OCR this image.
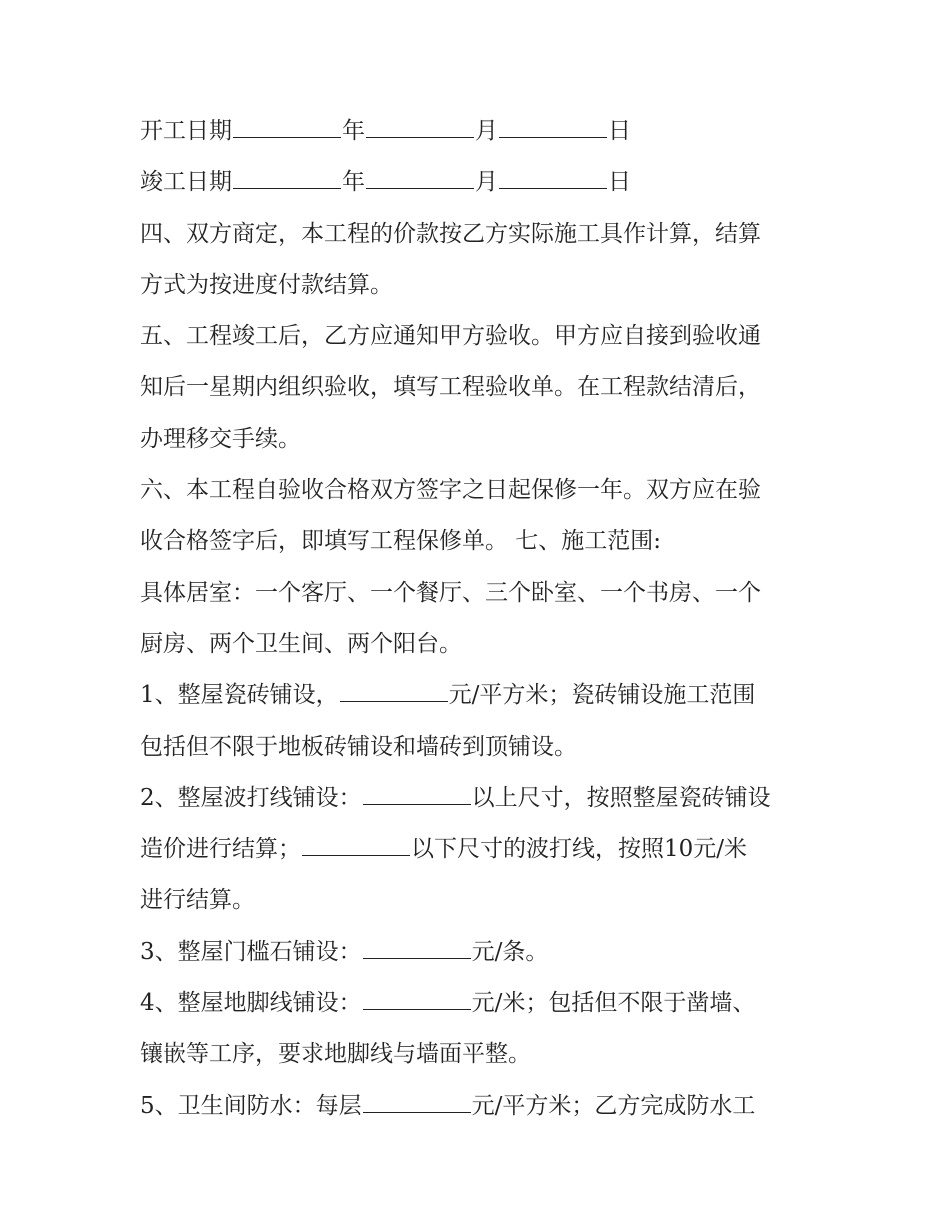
开工日期	年	月	日
竣工日期	年	月	日
四、双方商定，本工程的价款按乙方实际施工具作计算，结算
方式为按进度付款结算。
五、工程竣工后，乙方应通知甲方验收。甲方应自接到验收通
知后一星期内组织验收，填写工程验收单。在工程款结清后，
办理移交手续。
六、本工程自验收合格双方签字之日起保修一年。双方应在验
收合格签字后，即填写工程保修单。 七、施工范围:
具体居室：一个客厅、一个餐厅、三个卧室、一个书房、一个
厨房、两个卫生间、两个阳台。
1、整屋瓷砖铺设，	元/平方米；瓷砖铺设施工范围
包括但不限于地板砖铺设和墙砖到顶铺设。
2、整屋波打线铺设：	以上尺寸，按照整屋瓷砖铺设
造价进行结算；	以下尺寸的波打线，按照10元/米
进行结算。
3、整屋门槛石铺设：	元/条。
4、整屋地脚线铺设：	元/米；包括但不限于凿墙、
镶嵌等工序，要求地脚线与墙面平整。
5、卫生间防水：每层	元/平方米；乙方完成防水工
